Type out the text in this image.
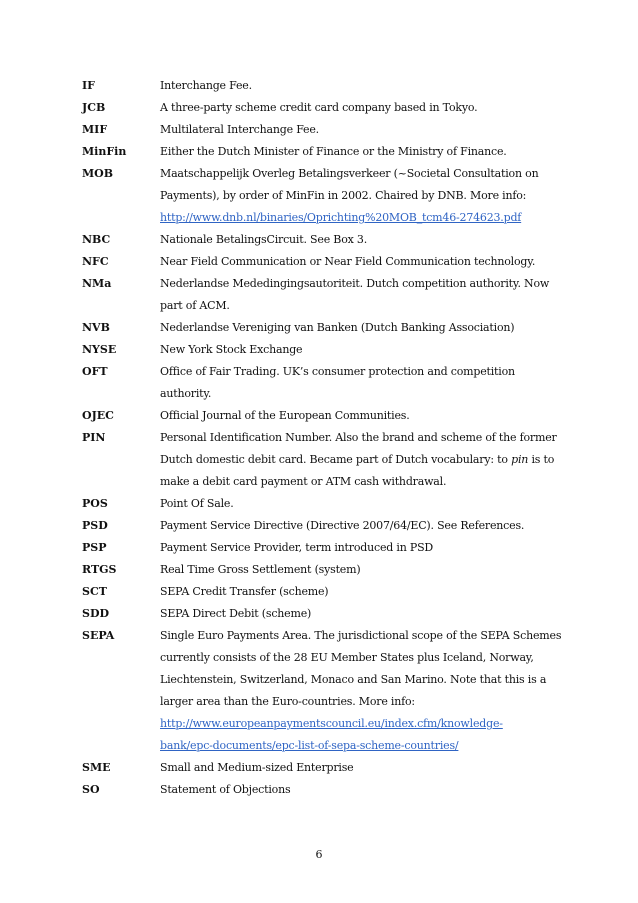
IF	Interchange Fee.
JCB	A three-party scheme credit card company based in Tokyo.
MIF	Multilateral Interchange Fee.
MinFin	Either the Dutch Minister of Finance or the Ministry of Finance.
MOB	Maatschappelijk Overleg Betalingsverkeer (~Societal Consultation on
Payments), by order of MinFin in 2002. Chaired by DNB. More info:
http://www.dnb.nl/binaries/Oprichting%20MOB_tcm46-274623.pdf
NBC	Nationale BetalingsCircuit. See Box 3.
NFC	Near Field Communication or Near Field Communication technology.
NMa	Nederlandse Mededingingsautoriteit. Dutch competition authority. Now
part of ACM.
NVB	Nederlandse Vereniging van Banken (Dutch Banking Association)
NYSE	New York Stock Exchange
OFT	Office of Fair Trading. UK’s consumer protection and competition
authority.
OJEC	Official Journal of the European Communities.
PIN	Personal Identification Number. Also the brand and scheme of the former
Dutch domestic debit card. Became part of Dutch vocabulary: to pin is to
make a debit card payment or ATM cash withdrawal.
POS	Point Of Sale.
PSD	Payment Service Directive (Directive 2007/64/EC). See References.
PSP	Payment Service Provider, term introduced in PSD
RTGS	Real Time Gross Settlement (system)
SCT	SEPA Credit Transfer (scheme)
SDD	SEPA Direct Debit (scheme)
SEPA	Single Euro Payments Area. The jurisdictional scope of the SEPA Schemes
currently consists of the 28 EU Member States plus Iceland, Norway,
Liechtenstein, Switzerland, Monaco and San Marino. Note that this is a
larger area than the Euro-countries. More info:
http://www.europeanpaymentscouncil.eu/index.cfm/knowledge-
bank/epc-documents/epc-list-of-sepa-scheme-countries/
SME	Small and Medium-sized Enterprise
SO	Statement of Objections
6
